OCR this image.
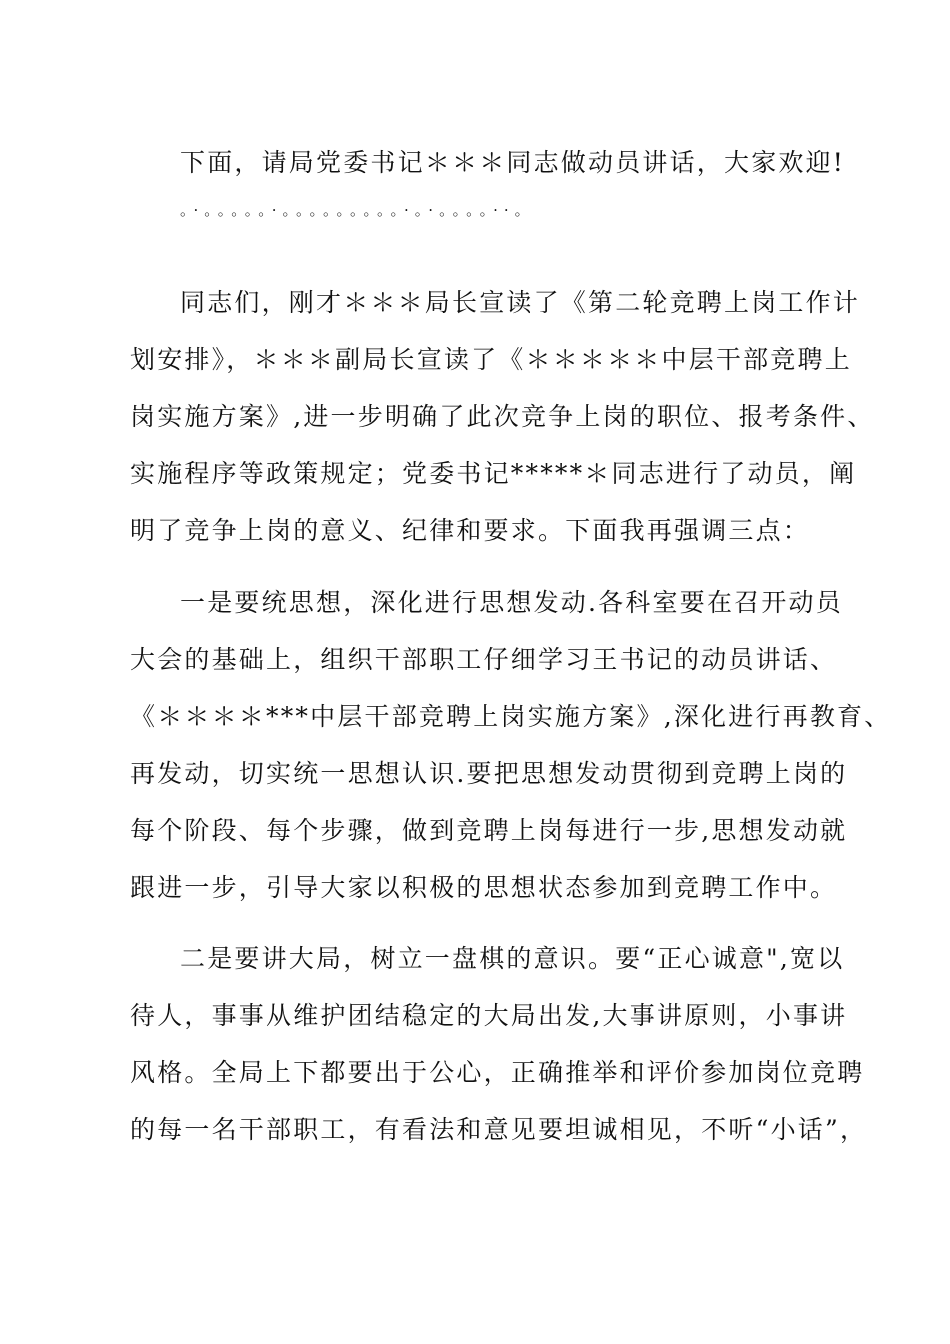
下面，请局党委书记＊＊＊同志做动员讲话，大家欢迎!
。·。。。。。·。。。。。。。。。·。·。。。。··。
同志们，刚才＊＊＊局长宣读了《第二轮竞聘上岗工作计
划安排》，＊＊＊副局长宣读了《＊＊＊＊＊中层干部竞聘上
岗实施方案》,进一步明确了此次竞争上岗的职位、报考条件、
实施程序等政策规定；党委书记*****＊同志进行了动员，阐
明了竞争上岗的意义、纪律和要求。下面我再强调三点：
一是要统思想，深化进行思想发动.各科室要在召开动员
大会的基础上，组织干部职工仔细学习王书记的动员讲话、
《＊＊＊＊***中层干部竞聘上岗实施方案》,深化进行再教育、
再发动，切实统一思想认识.要把思想发动贯彻到竞聘上岗的
每个阶段、每个步骤，做到竞聘上岗每进行一步,思想发动就
跟进一步，引导大家以积极的思想状态参加到竞聘工作中。
二是要讲大局，树立一盘棋的意识。要“正心诚意",宽以
待人，事事从维护团结稳定的大局出发,大事讲原则，小事讲
风格。全局上下都要出于公心，正确推举和评价参加岗位竞聘
的每一名干部职工，有看法和意见要坦诚相见，不听“小话”，
